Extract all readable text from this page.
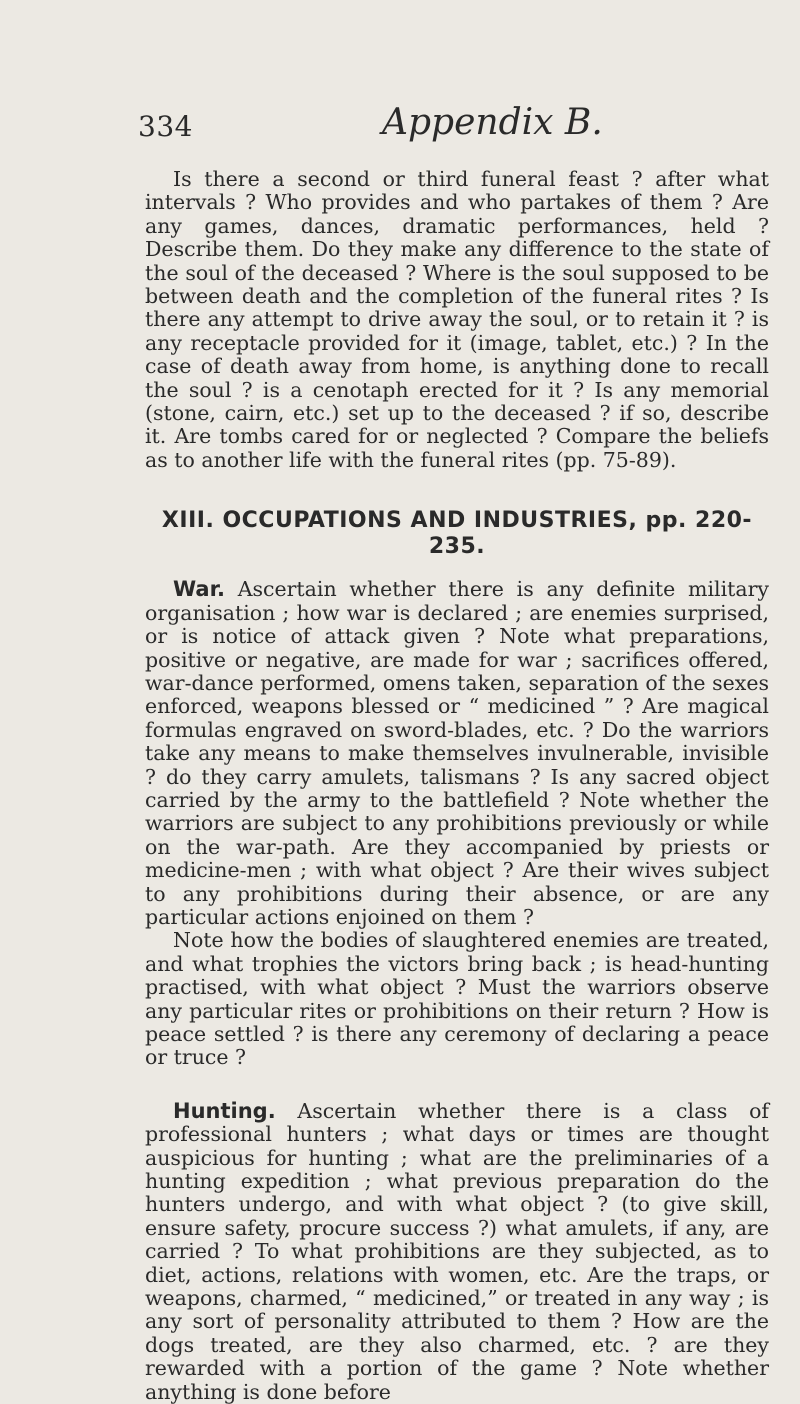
334	Appendix B.

Is there a second or third funeral feast ? after what intervals ? Who provides and who partakes of them ? Are any games, dances, dramatic performances, held ? Describe them. Do they make any difference to the state of the soul of the deceased ? Where is the soul supposed to be between death and the completion of the funeral rites ? Is there any attempt to drive away the soul, or to retain it ? is any receptacle provided for it (image, tablet, etc.) ? In the case of death away from home, is anything done to recall the soul ? is a cenotaph erected for it ? Is any memorial (stone, cairn, etc.) set up to the deceased ? if so, describe it. Are tombs cared for or neglected ? Compare the beliefs as to another life with the funeral rites (pp. 75-89).

XIII. OCCUPATIONS AND INDUSTRIES, pp. 220-235.

War. Ascertain whether there is any definite military organisation ; how war is declared ; are enemies surprised, or is notice of attack given ? Note what preparations, positive or negative, are made for war ; sacrifices offered, war-dance performed, omens taken, separation of the sexes enforced, weapons blessed or “ medicined ” ? Are magical formulas engraved on sword-blades, etc. ? Do the warriors take any means to make themselves invulnerable, invisible ? do they carry amulets, talismans ? Is any sacred object carried by the army to the battlefield ? Note whether the warriors are subject to any prohibitions previously or while on the war-path. Are they accompanied by priests or medicine-men ; with what object ? Are their wives subject to any prohibitions during their absence, or are any particular actions enjoined on them ?

Note how the bodies of slaughtered enemies are treated, and what trophies the victors bring back ; is head-hunting practised, with what object ? Must the warriors observe any particular rites or prohibitions on their return ? How is peace settled ? is there any ceremony of declaring a peace or truce ?

Hunting. Ascertain whether there is a class of professional hunters ; what days or times are thought auspicious for hunting ; what are the preliminaries of a hunting expedition ; what previous preparation do the hunters undergo, and with what object ? (to give skill, ensure safety, procure success ?) what amulets, if any, are carried ? To what prohibitions are they subjected, as to diet, actions, relations with women, etc. Are the traps, or weapons, charmed, “ medicined,” or treated in any way ; is any sort of personality attributed to them ? How are the dogs treated, are they also charmed, etc. ? are they rewarded with a portion of the game ? Note whether anything is done before
